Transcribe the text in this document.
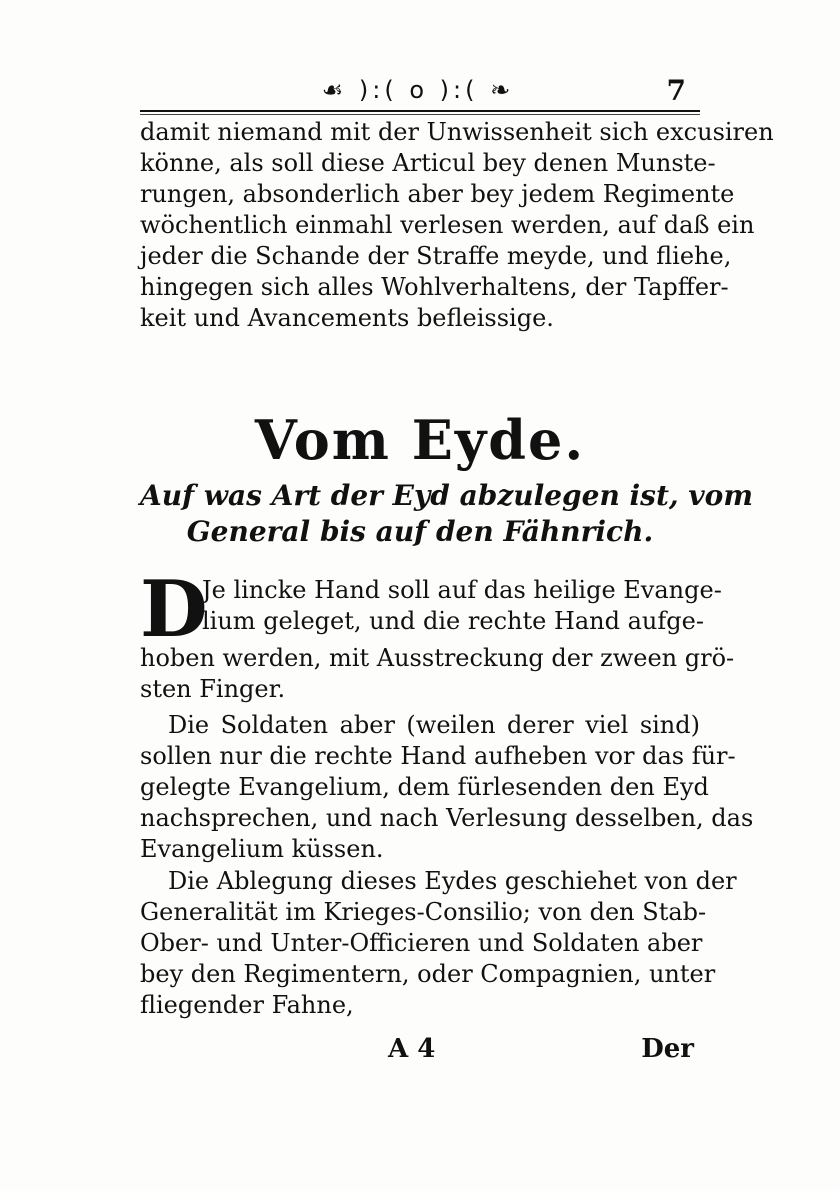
☙ ):( o ):( ❧	7
damit niemand mit der Unwissenheit sich excusiren
könne, als soll diese Articul bey denen Munste-
rungen, absonderlich aber bey jedem Regimente
wöchentlich einmahl verlesen werden, auf daß ein
jeder die Schande der Straffe meyde, und fliehe,
hingegen sich alles Wohlverhaltens, der Tapffer-
keit und Avancements befleissige.
Vom Eyde.
Auf was Art der Eyd abzulegen ist, vom
General bis auf den Fähnrich.
D
Je lincke Hand soll auf das heilige Evange-
lium geleget, und die rechte Hand aufge-
hoben werden, mit Ausstreckung der zween grö-
sten Finger.
Die Soldaten aber (weilen derer viel sind)
sollen nur die rechte Hand aufheben vor das für-
gelegte Evangelium, dem fürlesenden den Eyd
nachsprechen, und nach Verlesung desselben, das
Evangelium küssen.
Die Ablegung dieses Eydes geschiehet von der
Generalität im Krieges-Consilio; von den Stab-
Ober- und Unter-Officieren und Soldaten aber
bey den Regimentern, oder Compagnien, unter
fliegender Fahne,
A 4	Der
